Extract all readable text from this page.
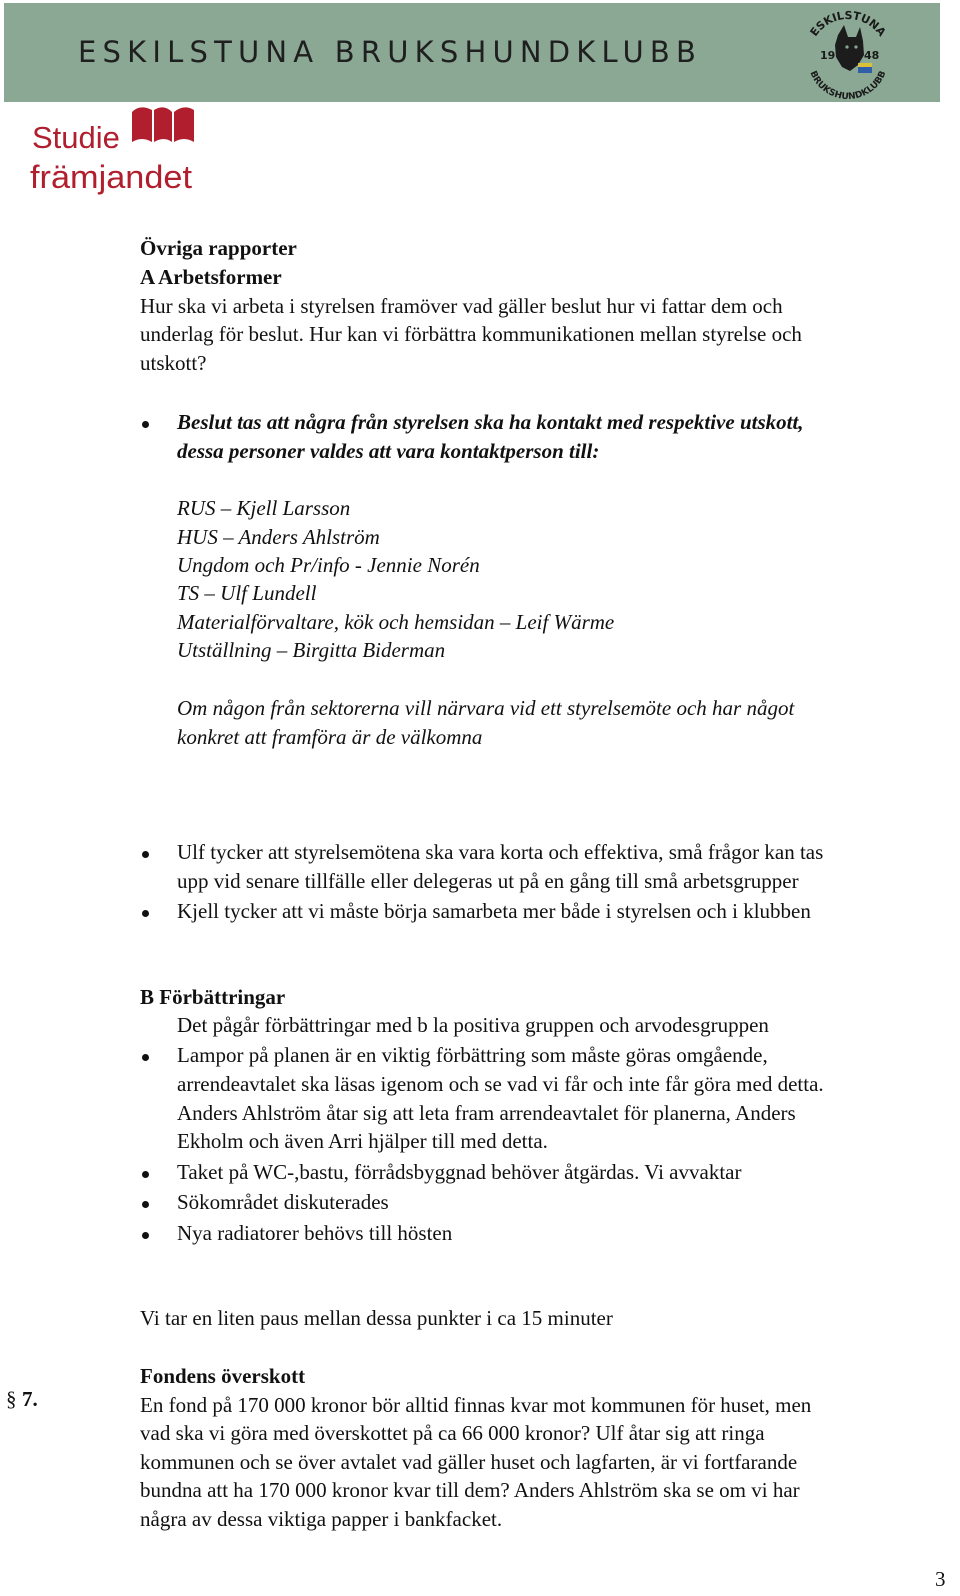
ESKILSTUNA BRUKSHUNDKLUBB
ESKILSTUNA
BRUKSHUNDKLUBB
19	48
Studie
främjandet
Övriga rapporter
A Arbetsformer
Hur ska vi arbeta i styrelsen framöver vad gäller beslut hur vi fattar dem och
underlag för beslut. Hur kan vi förbättra kommunikationen mellan styrelse och
utskott?
Beslut tas att några från styrelsen ska ha kontakt med respektive utskott,
dessa personer valdes att vara kontaktperson till:
RUS – Kjell Larsson
HUS – Anders Ahlström
Ungdom och Pr/info - Jennie Norén
TS – Ulf Lundell
Materialförvaltare, kök och hemsidan – Leif Wärme
Utställning – Birgitta Biderman
Om någon från sektorerna vill närvara vid ett styrelsemöte och har något
konkret att framföra är de välkomna
Ulf tycker att styrelsemötena ska vara korta och effektiva, små frågor kan tas
upp vid senare tillfälle eller delegeras ut på en gång till små arbetsgrupper
Kjell tycker att vi måste börja samarbeta mer både i styrelsen och i klubben
B Förbättringar
Det pågår förbättringar med b la positiva gruppen och arvodesgruppen
Lampor på planen är en viktig förbättring som måste göras omgående,
arrendeavtalet ska läsas igenom och se vad vi får och inte får göra med detta.
Anders Ahlström åtar sig att leta fram arrendeavtalet för planerna, Anders
Ekholm och även Arri hjälper till med detta.
Taket på WC-,bastu, förrådsbyggnad behöver åtgärdas. Vi avvaktar
Sökområdet diskuterades
Nya radiatorer behövs till hösten
Vi tar en liten paus mellan dessa punkter i ca 15 minuter
§ 7.
Fondens överskott
En fond på 170 000 kronor bör alltid finnas kvar mot kommunen för huset, men
vad ska vi göra med överskottet på ca 66 000 kronor? Ulf åtar sig att ringa
kommunen och se över avtalet vad gäller huset och lagfarten, är vi fortfarande
bundna att ha 170 000 kronor kvar till dem? Anders Ahlström ska se om vi har
några av dessa viktiga papper i bankfacket.
3
